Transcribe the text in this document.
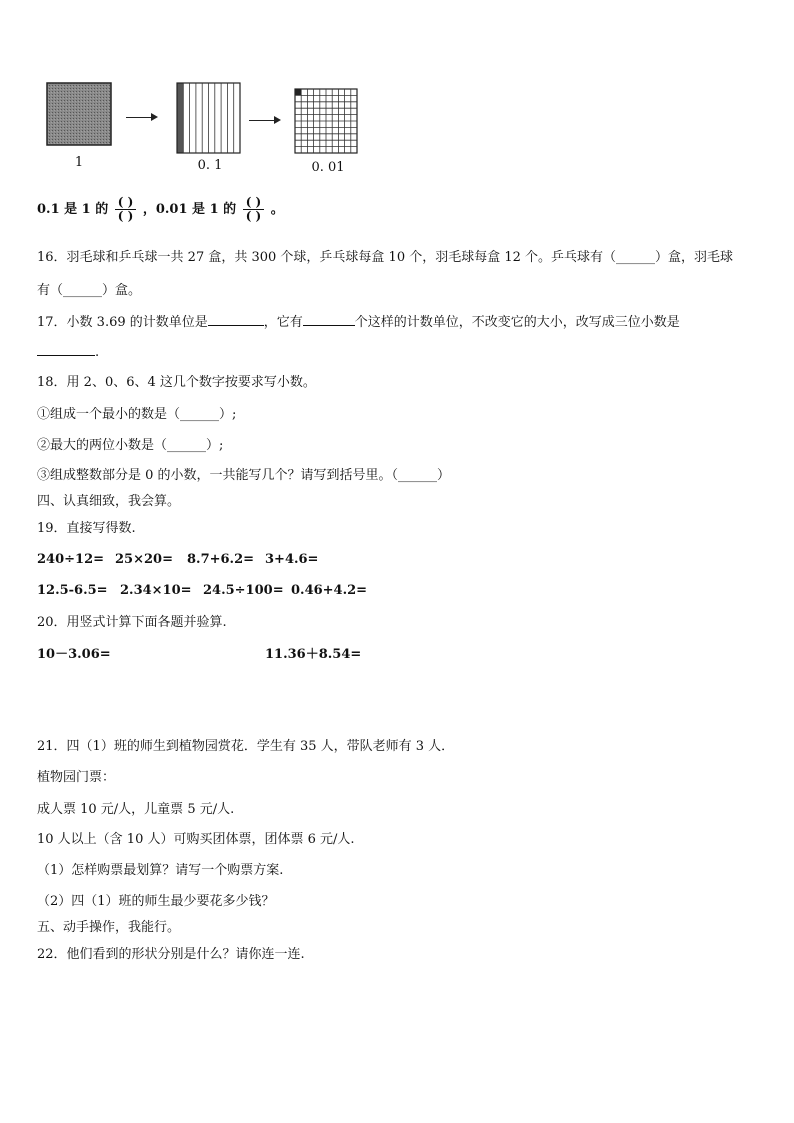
1	0. 1	0. 01
0.1 是 1 的 $\frac{( )}{( )}$ ，0.01 是 1 的 $\frac{( )}{( )}$ 。
16．羽毛球和乒乓球一共 27 盒，共 300 个球，乒乓球每盒 10 个，羽毛球每盒 12 个。乒乓球有（______）盒，羽毛球
有（______）盒。
17．小数 3.69 的计数单位是	，它有	个这样的计数单位，不改变它的大小，改写成三位小数是
.
18．用 2、0、6、4 这几个数字按要求写小数。
①组成一个最小的数是（______）;
②最大的两位小数是（______）;
③组成整数部分是 0 的小数，一共能写几个？请写到括号里。（______）
四、认真细致，我会算。
19．直接写得数.
240÷12= 25×20= 8.7+6.2= 3+4.6=
12.5-6.5= 2.34×10= 24.5÷100= 0.46+4.2=
20．用竖式计算下面各题并验算.
10－3.06=	11.36＋8.54=
21．四（1）班的师生到植物园赏花．学生有 35 人，带队老师有 3 人．
植物园门票：
成人票 10 元/人，儿童票 5 元/人.
10 人以上（含 10 人）可购买团体票，团体票 6 元/人.
（1）怎样购票最划算？请写一个购票方案.
（2）四（1）班的师生最少要花多少钱？
五、动手操作，我能行。
22．他们看到的形状分别是什么？请你连一连.
